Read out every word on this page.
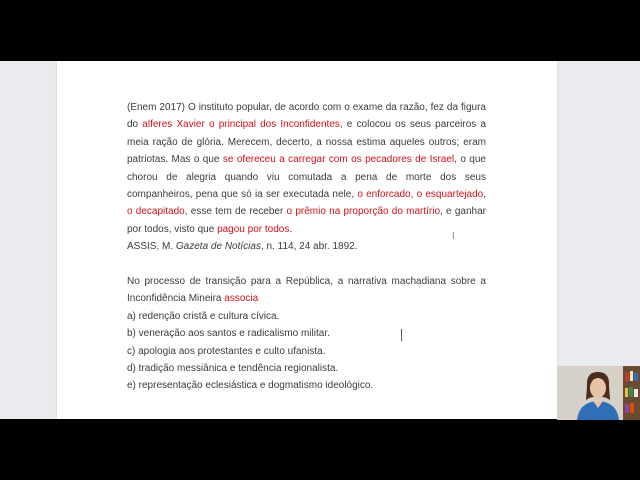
(Enem 2017) O instituto popular, de acordo com o exame da razão, fez da figura do alferes Xavier o principal dos Inconfidentes, e colocou os seus parceiros a meia ração de glória. Merecem, decerto, a nossa estima aqueles outros; eram patriotas. Mas o que se ofereceu a carregar com os pecadores de Israel, o que chorou de alegria quando viu comutada a pena de morte dos seus companheiros, pena que só ia ser executada nele, o enforcado, o esquartejado, o decapitado, esse tem de receber o prêmio na proporção do martírio, e ganhar por todos, visto que pagou por todos.
ASSIS, M. Gazeta de Notícias, n. 114, 24 abr. 1892.
No processo de transição para a República, a narrativa machadiana sobre a Inconfidência Mineira associa
a) redenção cristã e cultura cívica.
b) veneração aos santos e radicalismo militar.
c) apologia aos protestantes e culto ufanista.
d) tradição messiânica e tendência regionalista.
e) representação eclesiástica e dogmatismo ideológico.
I
